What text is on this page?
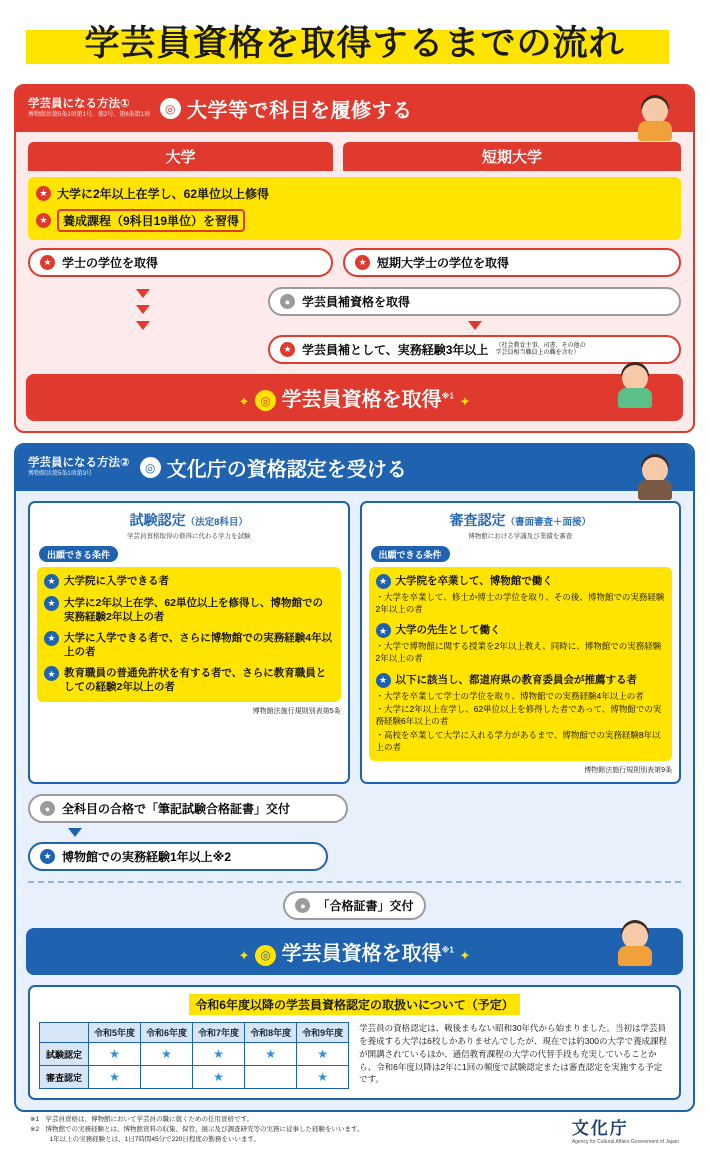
学芸員資格を取得するまでの流れ
学芸員になる方法①
博物館法第5条1項第1号、第2号、第6条第1項	◎ 大学等で科目を履修する
大学	短期大学
★ 大学に2年以上在学し、62単位以上修得
★	養成課程（9科目19単位）を習得
★ 学士の学位を取得	★ 短期大学士の学位を取得
● 学芸員補資格を取得
★ 学芸員補として、実務経験3年以上 （社会教育主事、司書、その他の学芸員相当職員上の職を含む）
✦ ◎ 学芸員資格を取得$^{※1}$ ✦
学芸員になる方法②
博物館法第5条1項第3号	◎ 文化庁の資格認定を受ける
試験認定（法定8科目）
学芸員資格取得の修得に代わる学力を試験
出願できる条件
★ 大学院に入学できる者
★ 大学に2年以上在学、62単位以上を修得し、博物館での実務経験2年以上の者
★ 大学に入学できる者で、さらに博物館での実務経験4年以上の者
★ 教育職員の普通免許状を有する者で、さらに教育職員としての経験2年以上の者
博物館法施行規則別表第5条
審査認定（書面審査＋面接）
博物館における学識及び業績を審査
出願できる条件
★ 大学院を卒業して、博物館で働く
・大学を卒業して、修士か博士の学位を取り、その後、博物館での実務経験2年以上の者
★ 大学の先生として働く
・大学で博物館に関する授業を2年以上教え、同時に、博物館での実務経験2年以上の者
★ 以下に該当し、都道府県の教育委員会が推薦する者
・大学を卒業して学士の学位を取り、博物館での実務経験4年以上の者
・大学に2年以上在学し、62単位以上を修得した者であって、博物館での実務経験6年以上の者
・高校を卒業して大学に入れる学力があるまで、博物館での実務経験8年以上の者
博物館法施行規則別表第9条
● 全科目の合格で「筆記試験合格証書」交付
★ 博物館での実務経験1年以上※2
● 「合格証書」交付
✦ ◎ 学芸員資格を取得$^{※1}$ ✦
令和6年度以降の学芸員資格認定の取扱いについて（予定）
	令和5年度	令和6年度	令和7年度	令和8年度	令和9年度
試験認定	★	★	★	★	★
審査認定	★		★		★
学芸員の資格認定は、戦後まもない昭和30年代から始まりました。当初は学芸員を養成する大学は6校しかありませんでしたが、現在では約300の大学で養成課程が開講されているほか、通信教育課程の大学の代替手段も充実していることから、令和6年度以降は2年に1回の頻度で試験認定または審査認定を実施する予定です。
※1　学芸員資格は、博物館において学芸員の職に就くための任用資格です。
※2　博物館での実務経験とは、博物館資料の収集、保管、展示及び調査研究等の実務に従事した経験をいいます。
　　　1年以上の実務経験とは、1日7時間45分で220日程度の勤務をいいます。
文化庁
Agency for Cultural Affairs Government of Japan
